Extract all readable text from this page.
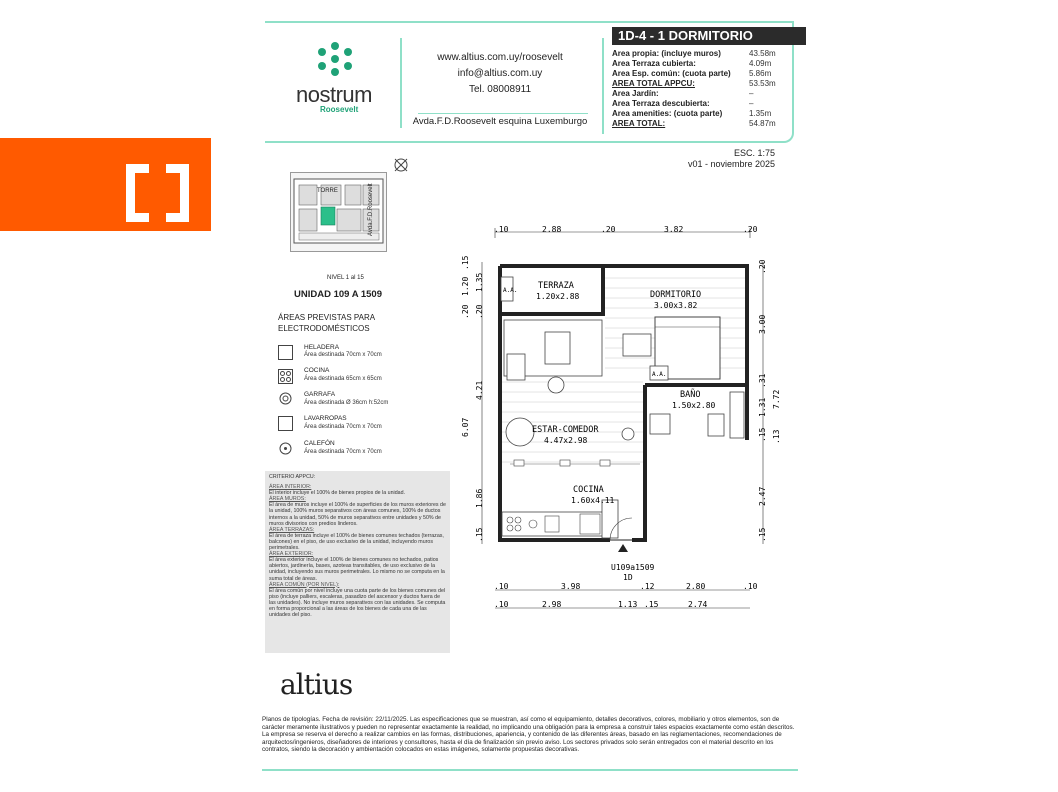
nostrum
Roosevelt
www.altius.com.uy/roosevelt
info@altius.com.uy
Tel. 08008911
Avda.F.D.Roosevelt esquina Luxemburgo
1D-4 - 1 DORMITORIO
Area propia: (incluye muros)	43.58m
Area Terraza cubierta:	4.09m
Area Esp. común: (cuota parte) 5.86m
AREA TOTAL APPCU:	53.53m
Area Jardín:	–
Area Terraza descubierta:	–
Area amenities: (cuota parte)	1.35m
AREA TOTAL:	54.87m
ESC. 1:75
v01 - noviembre 2025
TORRE	Avda.F.D.Roosevelt
NIVEL 1 al 15
UNIDAD 109 A 1509
ÁREAS PREVISTAS PARA ELECTRODOMÉSTICOS
HELADERA
Área destinada 70cm x 70cm
COCINA
Área destinada 65cm x 65cm
GARRAFA
Área destinada Ø 36cm h:52cm
LAVARROPAS
Área destinada 70cm x 70cm
CALEFÓN
Área destinada 70cm x 70cm
CRITERIO APPCU:
ÁREA INTERIOR:
El interior incluye el 100% de bienes propios de la unidad.
ÁREA MUROS:
El área de muros incluye el 100% de superficies de los muros exteriores de la unidad, 100% muros separativos con áreas comunes, 100% de ductos internos a la unidad, 50% de muros separativos entre unidades y 50% de muros divisorios con predios linderos.
ÁREA TERRAZAS:
El área de terraza incluye el 100% de bienes comunes techados (terrazas, balcones) en el piso, de uso exclusivo de la unidad, incluyendo muros perimetrales.
ÁREA EXTERIOR:
El área exterior incluye el 100% de bienes comunes no techados, patios abiertos, jardinería, bases, azoteas transitables, de uso exclusivo de la unidad, incluyendo sus muros perimetrales. Lo mismo no se computa en la suma total de áreas.
ÁREA COMÚN (POR NIVEL):
El área común por nivel incluye una cuota parte de los bienes comunes del piso (incluye palliers, escaleras, pasadizo del ascensor y ductos fuera de las unidades). No incluye muros separativos con las unidades. Se computa en forma proporcional a las áreas de los bienes de cada una de las unidades del piso.
.10	2.88	.20	3.82	.20
A.A.
A.A.
TERRAZA
1.20x2.88	DORMITORIO
3.00x3.82
BAÑO
1.50x2.80
ESTAR-COMEDOR
4.47x2.98
COCINA
1.60x4.11
U109a1509
1D
.10	3.98	.12	2.80	.10
.10	2.98	1.13 .15	2.74
.15
1.35
1.20
.20 .20
4.21
6.07
1.86
.15
.20
3.00
7.72
.31
1.31
.15 .13
2.47
.15
altius
Planos de tipologías. Fecha de revisión: 22/11/2025. Las especificaciones que se muestran, así como el equipamiento, detalles decorativos, colores, mobiliario y otros elementos, son de carácter meramente ilustrativos y pueden no representar exactamente la realidad, no implicando una obligación para la empresa a construir tales espacios exactamente como están descritos. La empresa se reserva el derecho a realizar cambios en las formas, distribuciones, apariencia, y contenido de las diferentes áreas, basado en las reglamentaciones, recomendaciones de arquitectos/ingenieros, diseñadores de interiores y consultores, hasta el día de finalización sin previo aviso. Los sectores privados solo serán entregados con el material descrito en los contratos, siendo la decoración y ambientación colocados en estas imágenes, solamente propuestas decorativas.
